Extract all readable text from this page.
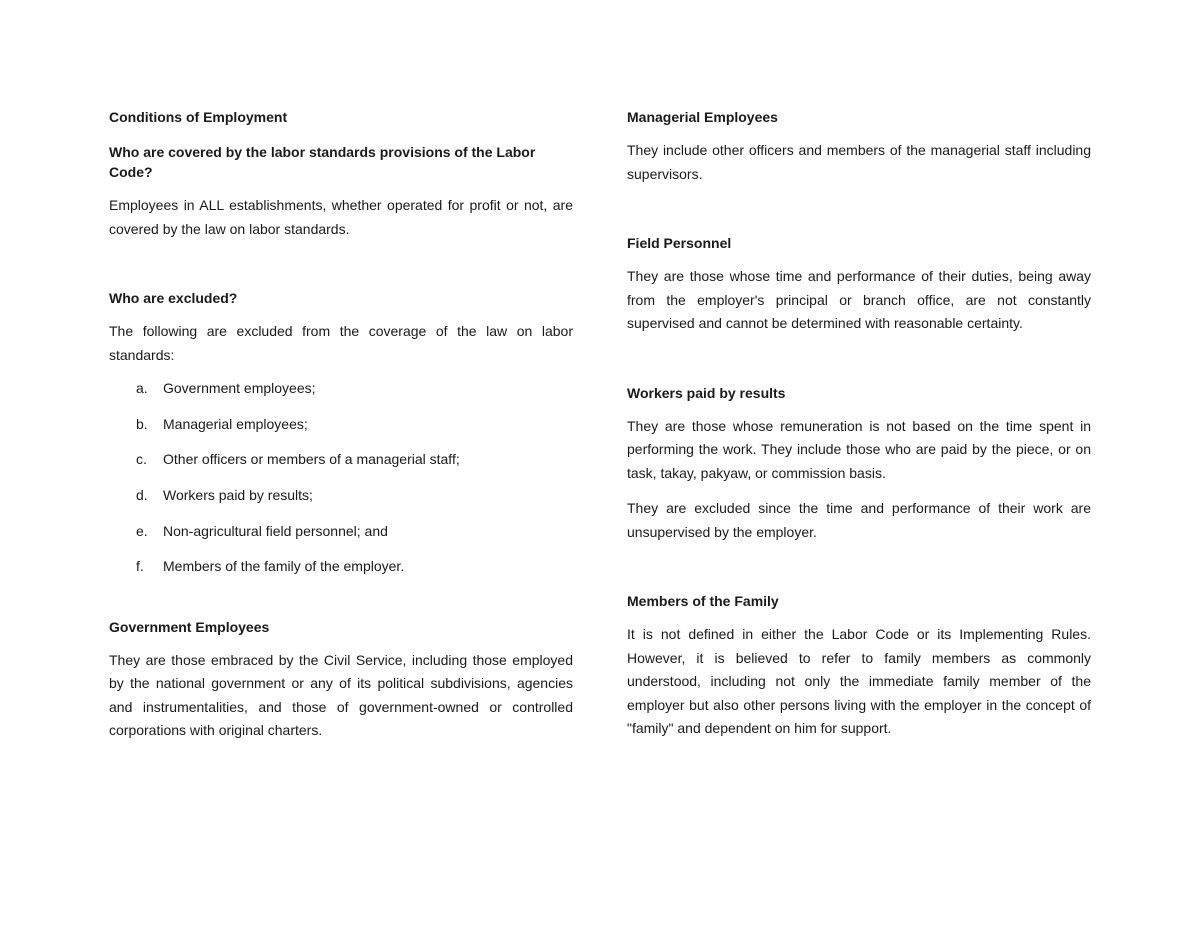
Conditions of Employment
Who are covered by the labor standards provisions of the Labor Code?

Employees in ALL establishments, whether operated for profit or not, are covered by the law on labor standards.

Who are excluded?

The following are excluded from the coverage of the law on labor standards:

a.	Government employees;
b.	Managerial employees;
c.	Other officers or members of a managerial staff;
d.	Workers paid by results;
e.	Non-agricultural field personnel; and
f.	Members of the family of the employer.
Government Employees

They are those embraced by the Civil Service, including those employed by the national government or any of its political subdivisions, agencies and instrumentalities, and those of government-owned or controlled corporations with original charters.

Managerial Employees

They include other officers and members of the managerial staff including supervisors.

Field Personnel

They are those whose time and performance of their duties, being away from the employer's principal or branch office, are not constantly supervised and cannot be determined with reasonable certainty.

Workers paid by results

They are those whose remuneration is not based on the time spent in performing the work. They include those who are paid by the piece, or on task, takay, pakyaw, or commission basis.

They are excluded since the time and performance of their work are unsupervised by the employer.

Members of the Family

It is not defined in either the Labor Code or its Implementing Rules. However, it is believed to refer to family members as commonly understood, including not only the immediate family member of the employer but also other persons living with the employer in the concept of "family" and dependent on him for support.
